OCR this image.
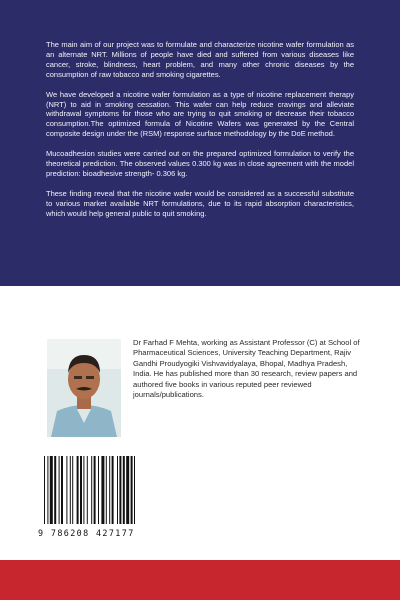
The main aim of our project was to formulate and characterize nicotine wafer formulation as an alternate NRT. Millions of people have died and suffered from various diseases like cancer, stroke, blindness, heart problem, and many other chronic diseases by the consumption of raw tobacco and smoking cigarettes.

We have developed a nicotine wafer formulation as a type of nicotine replacement therapy (NRT) to aid in smoking cessation. This wafer can help reduce cravings and alleviate withdrawal symptoms for those who are trying to quit smoking or decrease their tobacco consumption.The optimized formula of Nicotine Wafers was generated by the Central composite design under the (RSM) response surface methodology by the DoE method.

Mucoadhesion studies were carried out on the prepared optimized formulation to verify the theoretical prediction. The observed values 0.300 kg was in close agreement with the model prediction: bioadhesive strength- 0.306 kg.

These finding reveal that the nicotine wafer would be considered as a successful substitute to various market available NRT formulations, due to its rapid absorption characteristics, which would help general public to quit smoking.

Dr Farhad F Mehta, working as Assistant Professor (C) at School of Pharmaceutical Sciences, University Teaching Department, Rajiv Gandhi Proudyogiki Vishvavidyalaya, Bhopal, Madhya Pradesh, India. He has published more than 30 research, review papers and authored five books in various reputed peer reviewed journals/publications.

9 786208 427177
